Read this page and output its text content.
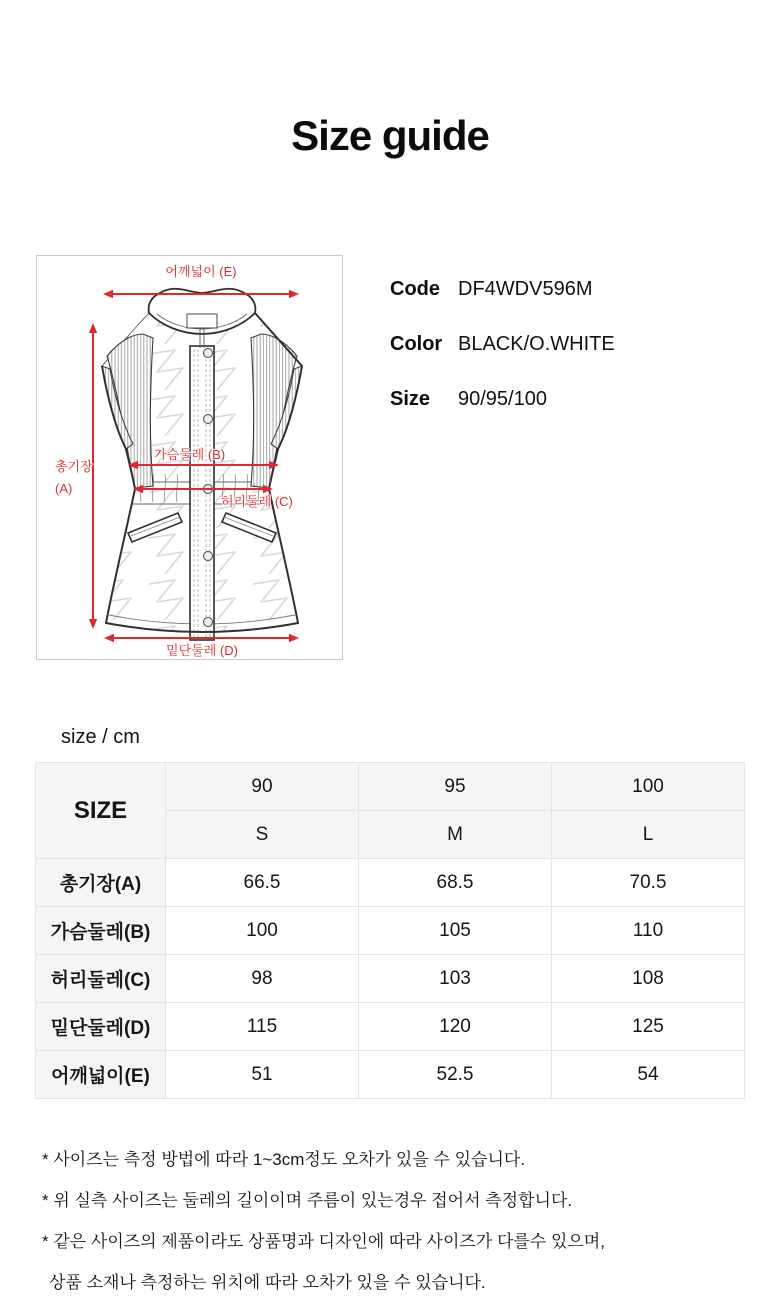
Size guide
어깨넓이 (E)
총기장
(A)
가슴둘레 (B)
허리둘레 (C)
밑단둘레 (D)
Code DF4WDV596M
Color BLACK/O.WHITE
Size 90/95/100
size / cm
SIZE	90	95	100
	S	M	L
총기장(A)	66.5	68.5	70.5
가슴둘레(B)	100	105	110
허리둘레(C)	98	103	108
밑단둘레(D)	115	120	125
어깨넓이(E)	51	52.5	54
* 사이즈는 측정 방법에 따라 1~3cm정도 오차가 있을 수 있습니다.
* 위 실측 사이즈는 둘레의 길이이며 주름이 있는경우 접어서 측정합니다.
* 같은 사이즈의 제품이라도 상품명과 디자인에 따라 사이즈가 다를수 있으며,
상품 소재나 측정하는 위치에 따라 오차가 있을 수 있습니다.
